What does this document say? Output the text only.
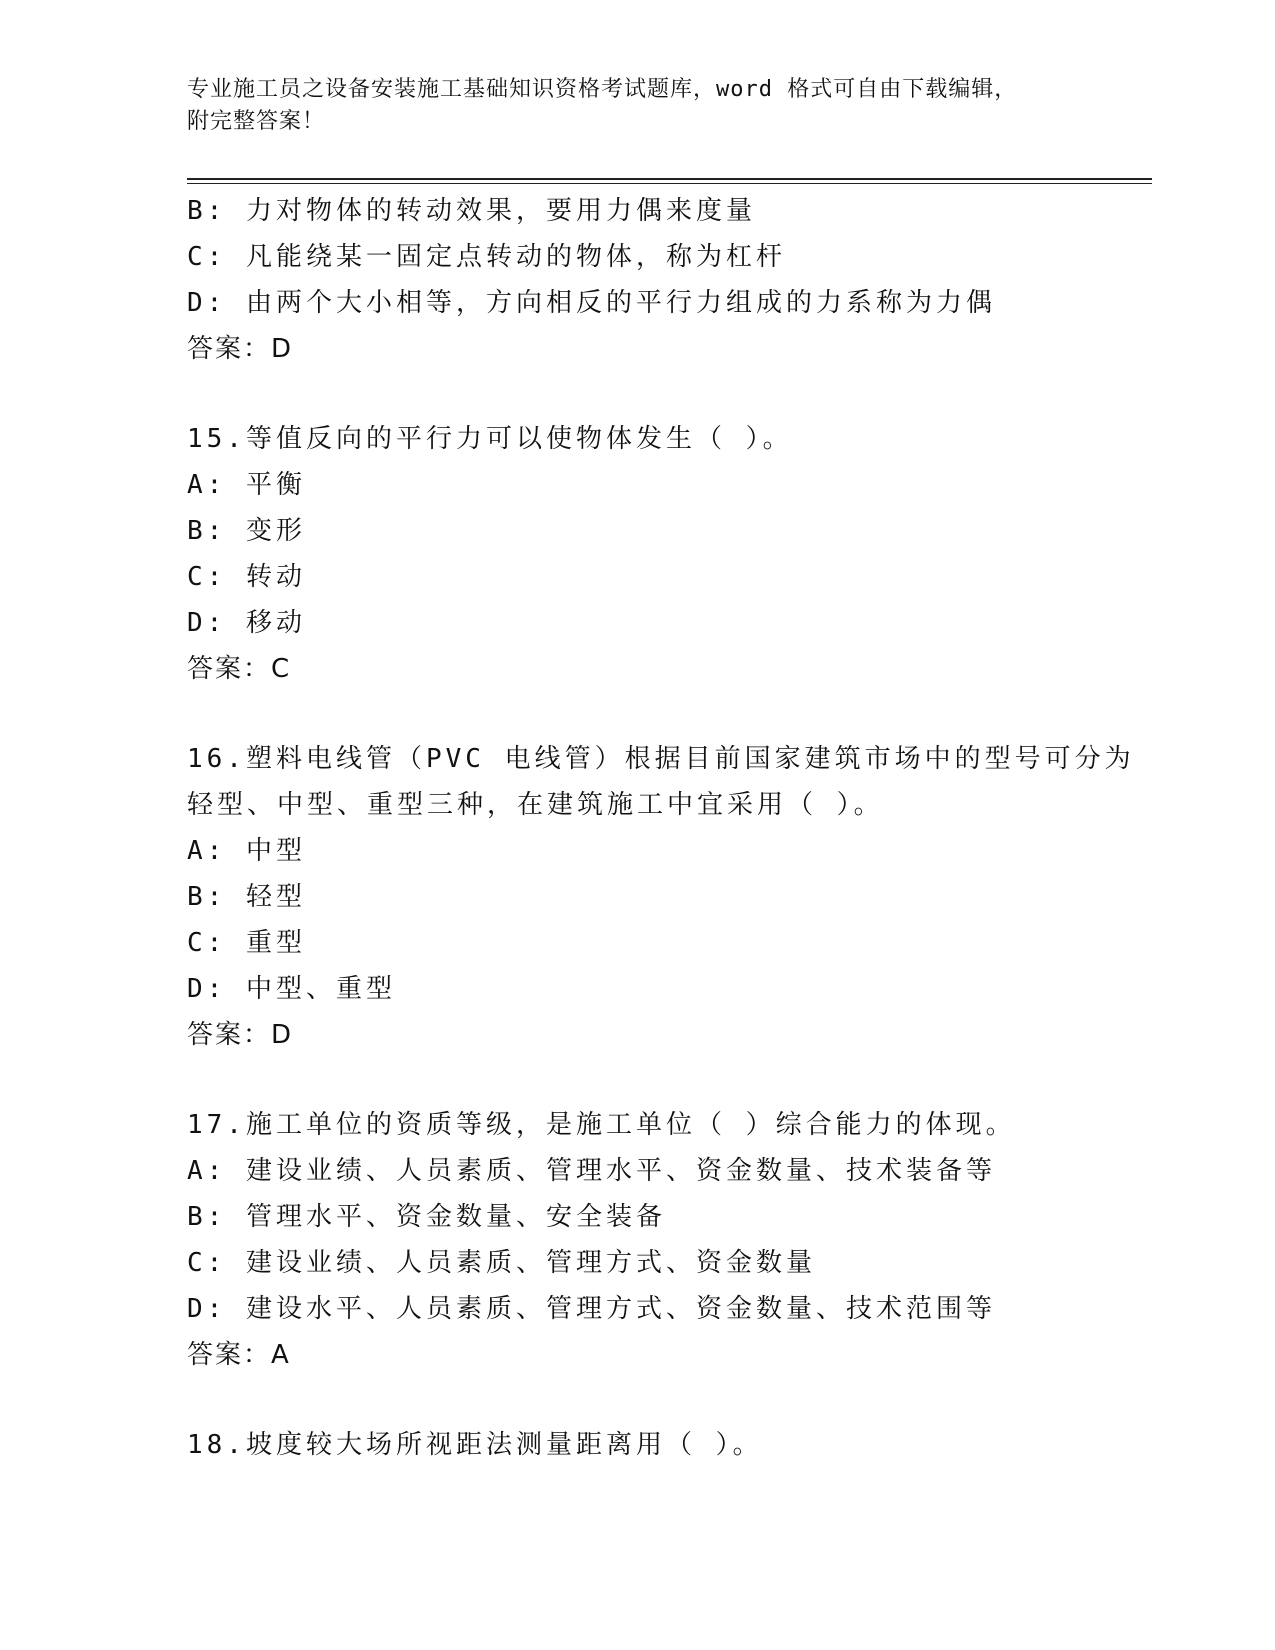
专业施工员之设备安装施工基础知识资格考试题库，word 格式可自由下载编辑，
附完整答案！
B: 力对物体的转动效果，要用力偶来度量
C: 凡能绕某一固定点转动的物体，称为杠杆
D: 由两个大小相等，方向相反的平行力组成的力系称为力偶
答案：D
15.等值反向的平行力可以使物体发生（ ）。
A: 平衡
B: 变形
C: 转动
D: 移动
答案：C
16.塑料电线管（PVC 电线管）根据目前国家建筑市场中的型号可分为
轻型、中型、重型三种，在建筑施工中宜采用（ ）。
A: 中型
B: 轻型
C: 重型
D: 中型、重型
答案：D
17.施工单位的资质等级，是施工单位（ ）综合能力的体现。
A: 建设业绩、人员素质、管理水平、资金数量、技术装备等
B: 管理水平、资金数量、安全装备
C: 建设业绩、人员素质、管理方式、资金数量
D: 建设水平、人员素质、管理方式、资金数量、技术范围等
答案：A
18.坡度较大场所视距法测量距离用（ ）。
